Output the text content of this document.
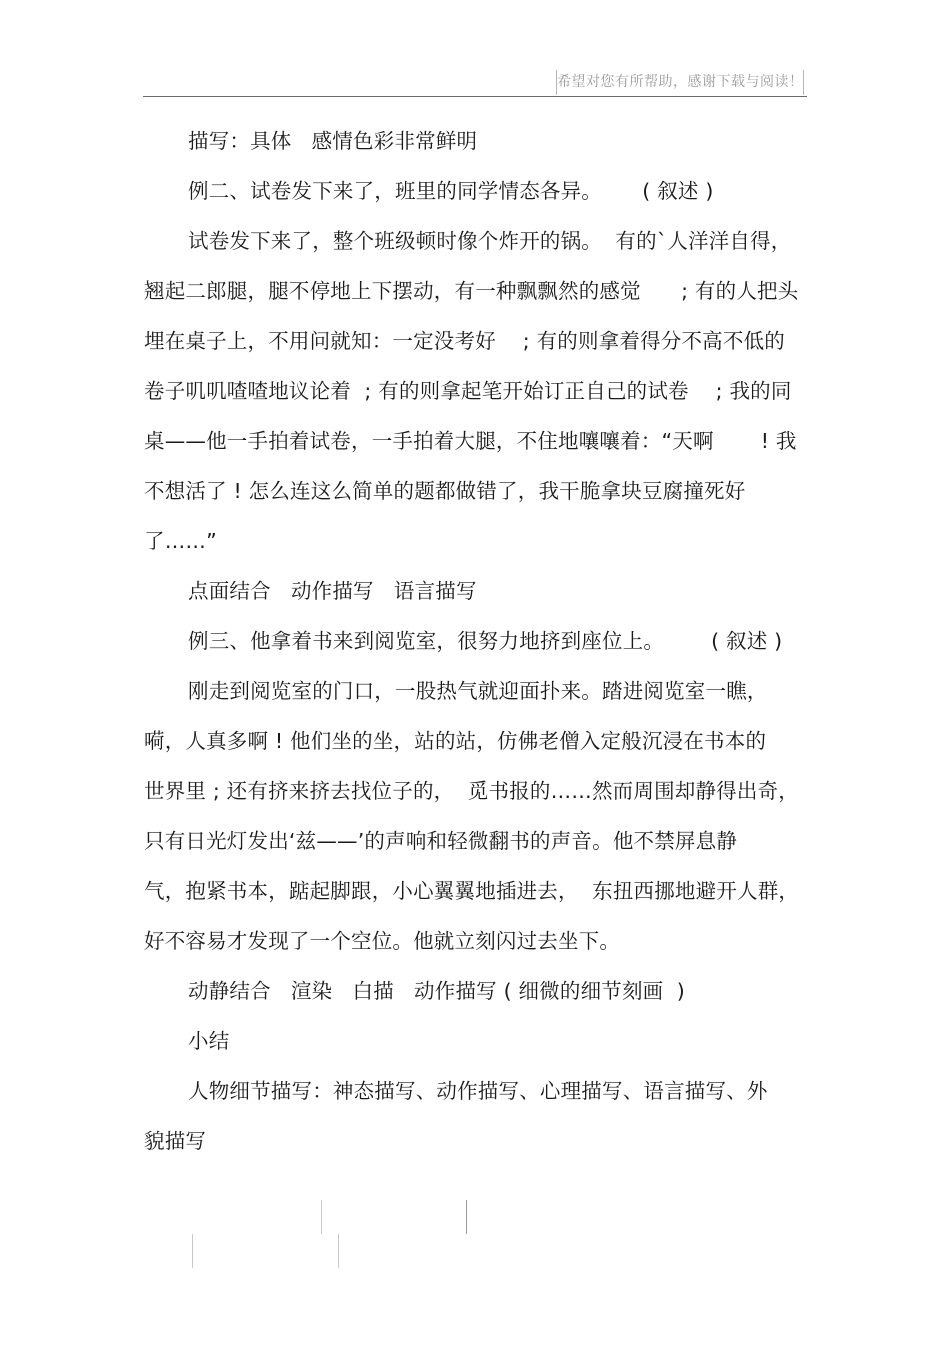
希望对您有所帮助，感谢下载与阅读！
描写：具体   感情色彩非常鲜明
例二、试卷发下来了，班里的同学情态各异。      ( 叙述 )
试卷发下来了，整个班级顿时像个炸开的锅。  有的`人洋洋自得，
翘起二郎腿，腿不停地上下摆动，有一种飘飘然的感觉      ; 有的人把头
埋在桌子上，不用问就知：一定没考好    ; 有的则拿着得分不高不低的
卷子叽叽喳喳地议论着  ; 有的则拿起笔开始订正自己的试卷    ; 我的同
桌——他一手拍着试卷，一手拍着大腿，不住地嚷嚷着：“天啊       ! 我
不想活了 ! 怎么连这么简单的题都做错了，我干脆拿块豆腐撞死好
了……”
点面结合   动作描写   语言描写
例三、他拿着书来到阅览室，很努力地挤到座位上。       ( 叙述 )
刚走到阅览室的门口，一股热气就迎面扑来。踏进阅览室一瞧，
嗬，人真多啊 ! 他们坐的坐，站的站，仿佛老僧入定般沉浸在书本的
世界里 ; 还有挤来挤去找位子的，  觅书报的……然而周围却静得出奇，
只有日光灯发出‘兹——’的声响和轻微翻书的声音。他不禁屏息静
气，抱紧书本，踮起脚跟，小心翼翼地插进去，  东扭西挪地避开人群，
好不容易才发现了一个空位。他就立刻闪过去坐下。
动静结合   渲染   白描   动作描写 ( 细微的细节刻画  )
小结
人物细节描写：神态描写、动作描写、心理描写、语言描写、外
貌描写
